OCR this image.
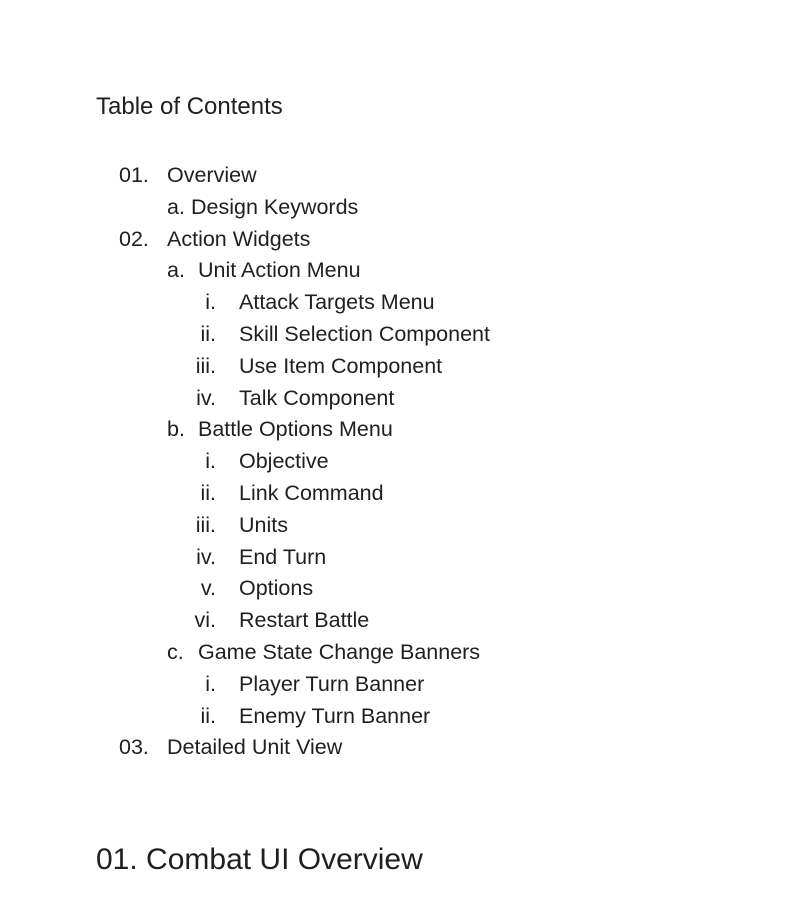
Table of Contents
01. Overview
a. Design Keywords
02. Action Widgets
a. Unit Action Menu
i. Attack Targets Menu
ii. Skill Selection Component
iii. Use Item Component
iv. Talk Component
b. Battle Options Menu
i. Objective
ii. Link Command
iii. Units
iv. End Turn
v. Options
vi. Restart Battle
c. Game State Change Banners
i. Player Turn Banner
ii. Enemy Turn Banner
03. Detailed Unit View
01. Combat UI Overview
